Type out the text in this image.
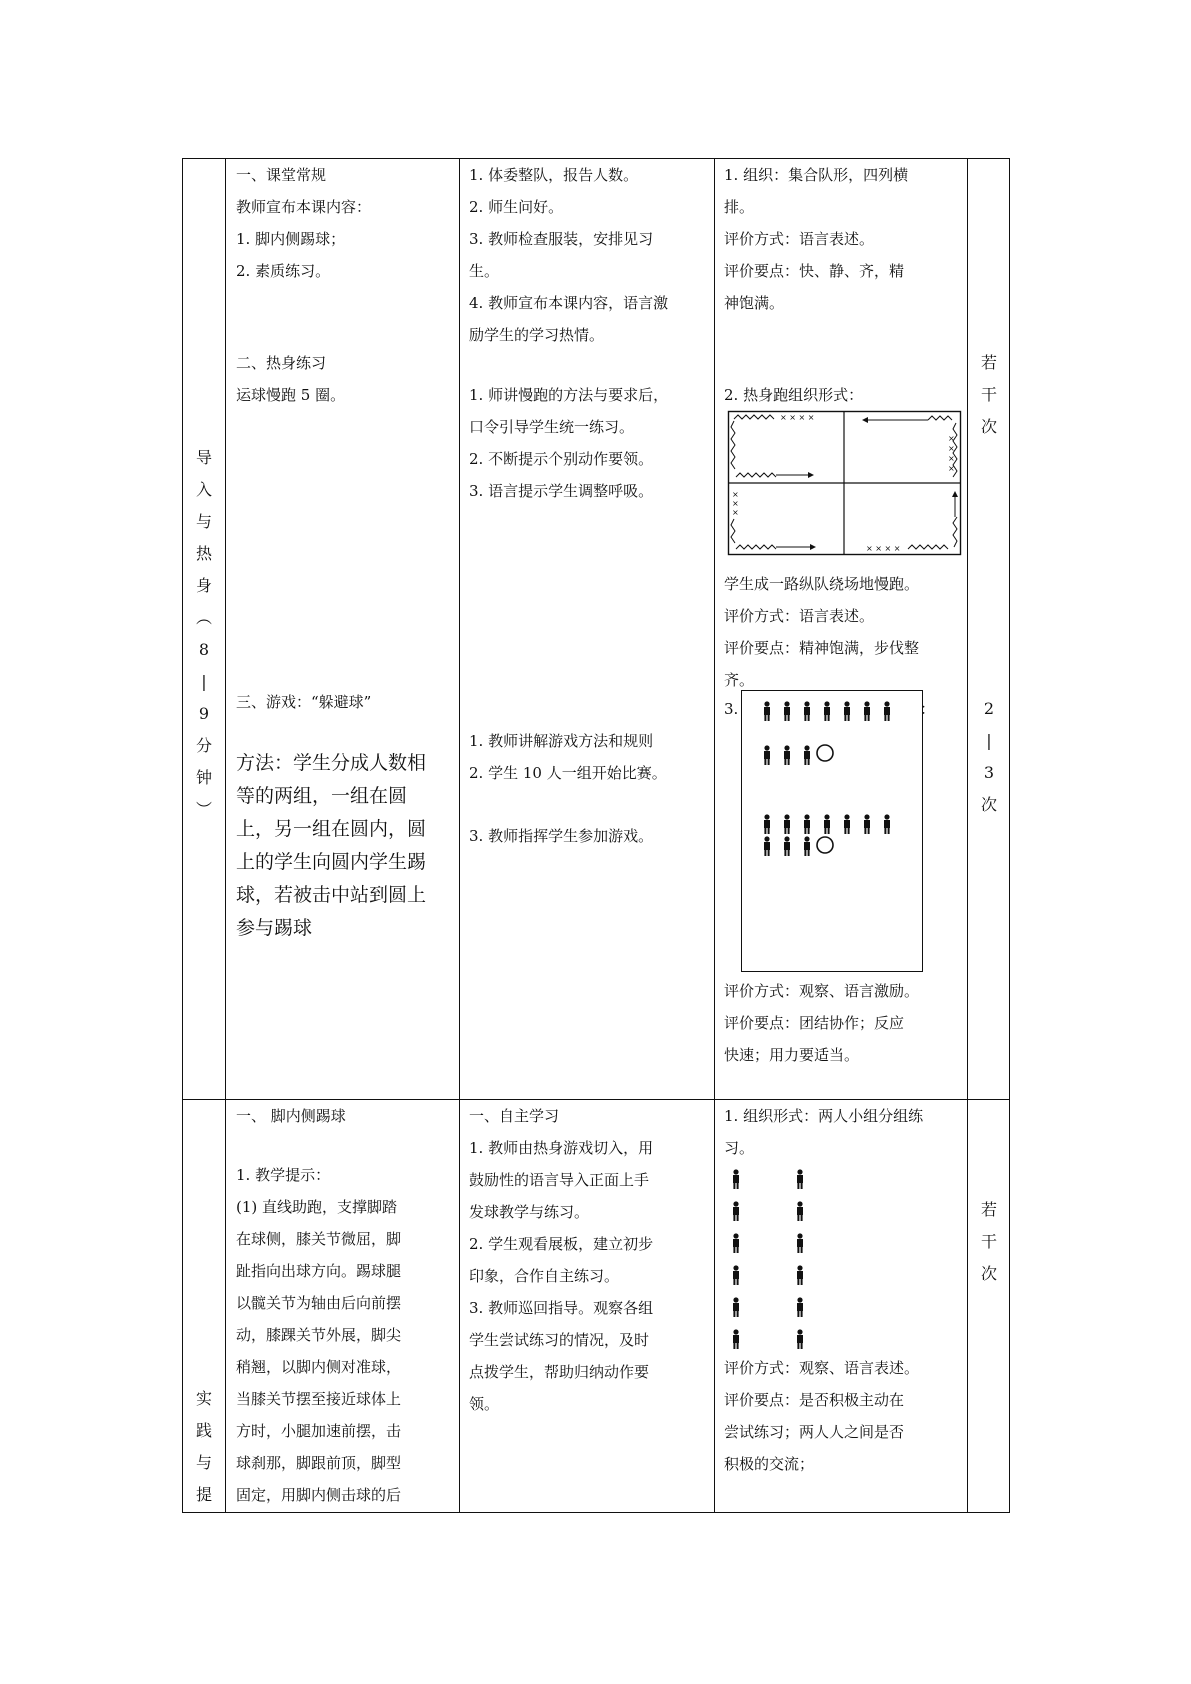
导
入
与
热
身
︵
8
|
9
分
钟
︶

一、课堂常规

教师宣布本课内容：

1. 脚内侧踢球；

2. 素质练习。

二、热身练习

运球慢跑 5 圈。

三、游戏：“躲避球”

方法：学生分成人数相

等的两组，一组在圆

上，另一组在圆内，圆

上的学生向圆内学生踢

球，若被击中站到圆上

参与踢球

1. 体委整队，报告人数。

2. 师生问好。

3. 教师检查服装，安排见习

生。

4. 教师宣布本课内容，语言激

励学生的学习热情。

1. 师讲慢跑的方法与要求后，

口令引导学生统一练习。

2. 不断提示个别动作要领。

3. 语言提示学生调整呼吸。

1. 教师讲解游戏方法和规则

2. 学生 10 人一组开始比赛。

3. 教师指挥学生参加游戏。

1. 组织：集合队形，四列横

排。

评价方式：语言表述。

评价要点：快、静、齐，精

神饱满。

2. 热身跑组织形式：

× × × ×
×
×
×
×
×
×
×
× × × ×

学生成一路纵队绕场地慢跑。

评价方式：语言表述。

评价要点：精神饱满，步伐整

齐。

3.	：

评价方式：观察、语言激励。

评价要点：团结协作；反应

快速；用力要适当。

若
干
次
2
|
3
次
实
践
与
提

一、 脚内侧踢球

1. 教学提示：

(1) 直线助跑，支撑脚踏

在球侧，膝关节微屈，脚

趾指向出球方向。踢球腿

以髋关节为轴由后向前摆

动，膝踝关节外展，脚尖

稍翘，以脚内侧对准球，

当膝关节摆至接近球体上

方时，小腿加速前摆，击

球刹那，脚跟前顶，脚型

固定，用脚内侧击球的后

一、自主学习

1. 教师由热身游戏切入，用

鼓励性的语言导入正面上手

发球教学与练习。

2. 学生观看展板，建立初步

印象，合作自主练习。

3. 教师巡回指导。观察各组

学生尝试练习的情况，及时

点拨学生，帮助归纳动作要

领。

1. 组织形式：两人小组分组练

习。

评价方式：观察、语言表述。

评价要点：是否积极主动在

尝试练习；两人人之间是否

积极的交流；

若
干
次
